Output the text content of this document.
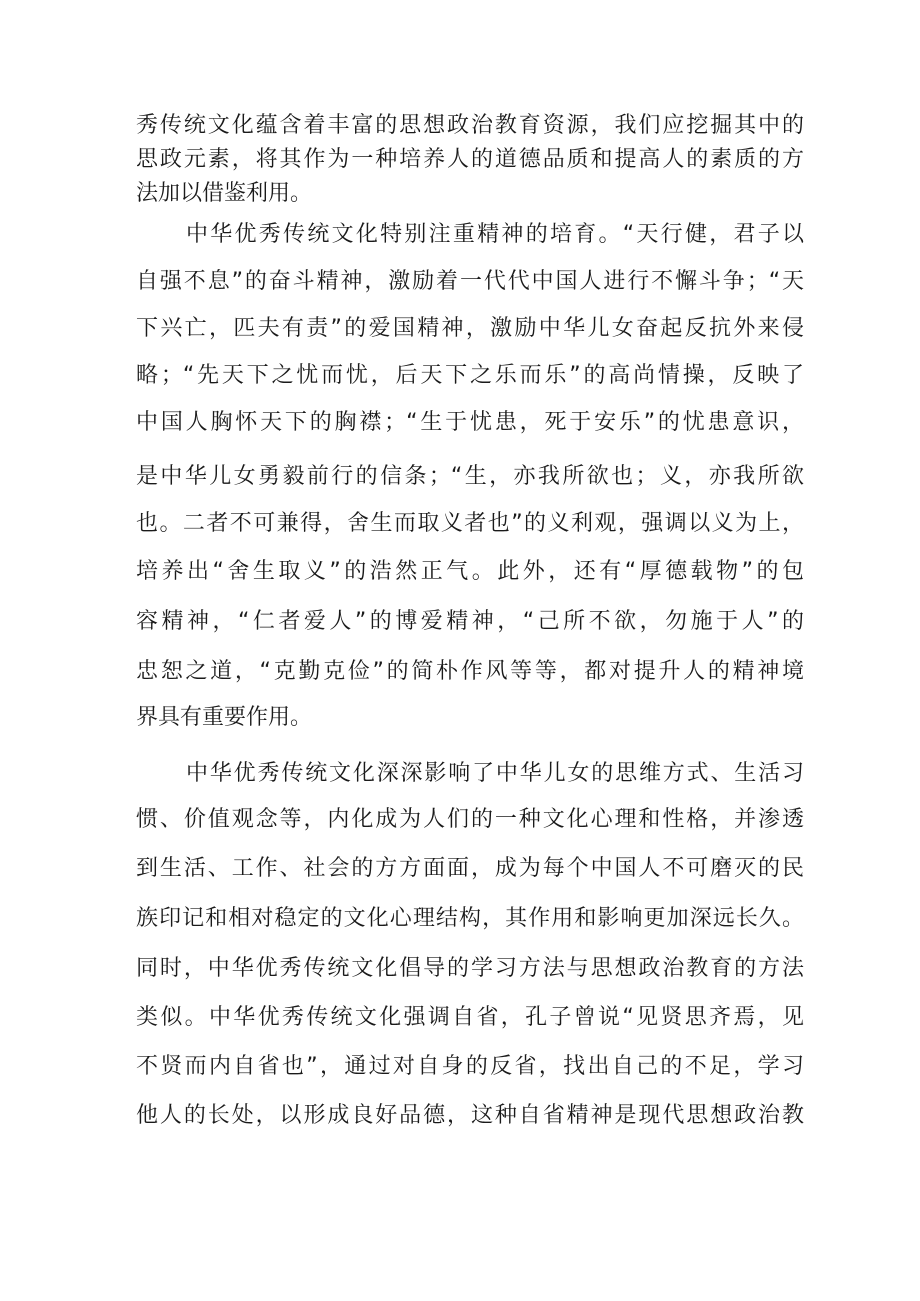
秀传统文化蕴含着丰富的思想政治教育资源，我们应挖掘其中的
思政元素，将其作为一种培养人的道德品质和提高人的素质的方
法加以借鉴利用。
中华优秀传统文化特别注重精神的培育。“天行健，君子以
自强不息”的奋斗精神，激励着一代代中国人进行不懈斗争；“天
下兴亡，匹夫有责”的爱国精神，激励中华儿女奋起反抗外来侵
略；“先天下之忧而忧，后天下之乐而乐”的高尚情操，反映了
中国人胸怀天下的胸襟；“生于忧患，死于安乐”的忧患意识，
是中华儿女勇毅前行的信条；“生，亦我所欲也；义，亦我所欲
也。二者不可兼得，舍生而取义者也”的义利观，强调以义为上，
培养出“舍生取义”的浩然正气。此外，还有“厚德载物”的包
容精神，“仁者爱人”的博爱精神，“己所不欲，勿施于人”的
忠恕之道，“克勤克俭”的简朴作风等等，都对提升人的精神境
界具有重要作用。
中华优秀传统文化深深影响了中华儿女的思维方式、生活习
惯、价值观念等，内化成为人们的一种文化心理和性格，并渗透
到生活、工作、社会的方方面面，成为每个中国人不可磨灭的民
族印记和相对稳定的文化心理结构，其作用和影响更加深远长久。
同时，中华优秀传统文化倡导的学习方法与思想政治教育的方法
类似。中华优秀传统文化强调自省，孔子曾说“见贤思齐焉，见
不贤而内自省也”，通过对自身的反省，找出自己的不足，学习
他人的长处，以形成良好品德，这种自省精神是现代思想政治教
